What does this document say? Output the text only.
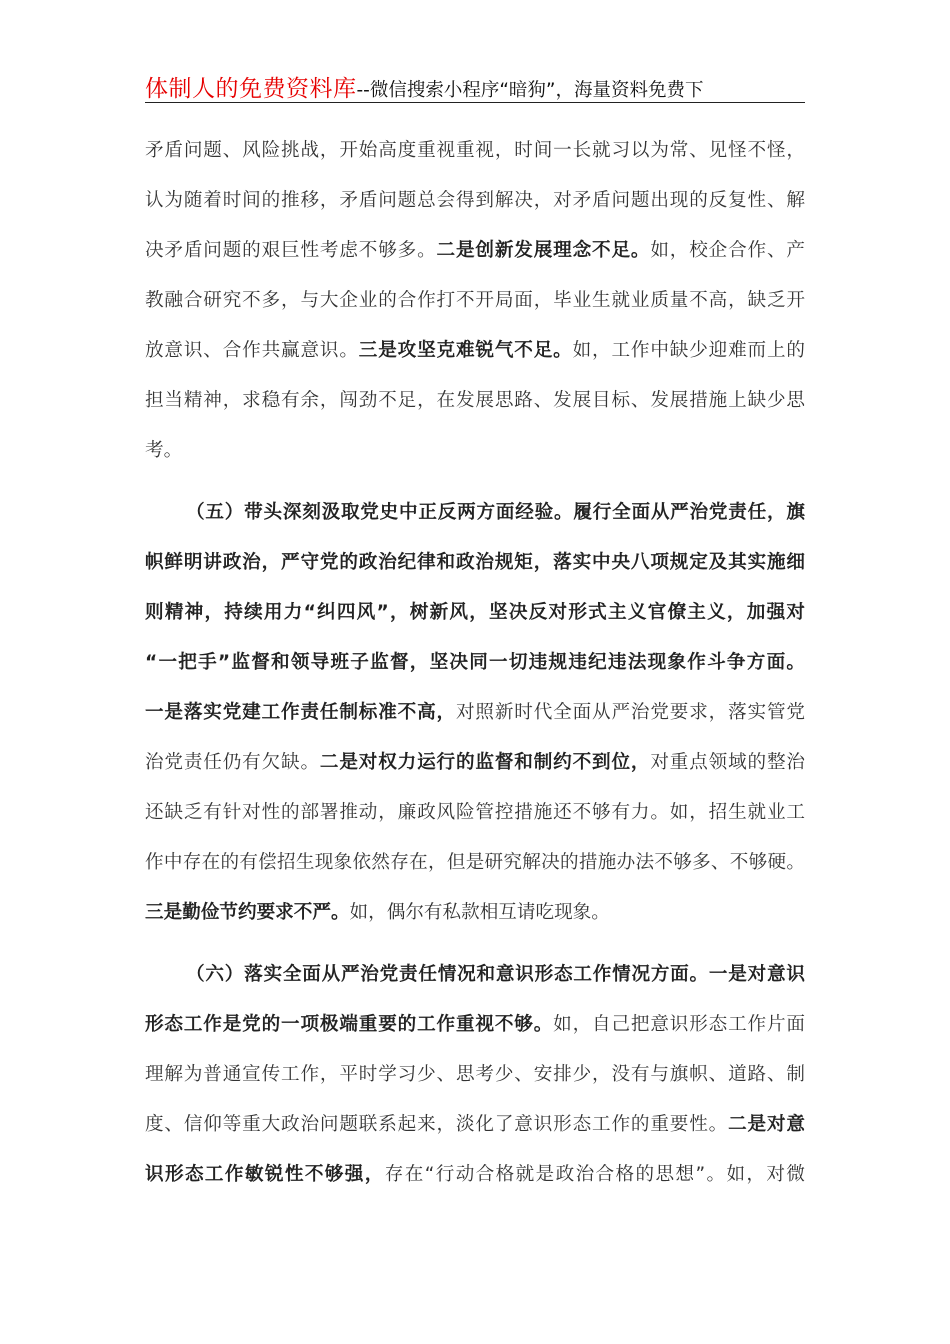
体制人的免费资料库--微信搜索小程序“暗狗”，海量资料免费下
矛盾问题、风险挑战，开始高度重视重视，时间一长就习以为常、见怪不怪，
认为随着时间的推移，矛盾问题总会得到解决，对矛盾问题出现的反复性、解
决矛盾问题的艰巨性考虑不够多。二是创新发展理念不足。如，校企合作、产
教融合研究不多，与大企业的合作打不开局面，毕业生就业质量不高，缺乏开
放意识、合作共赢意识。三是攻坚克难锐气不足。如，工作中缺少迎难而上的
担当精神，求稳有余，闯劲不足，在发展思路、发展目标、发展措施上缺少思
考。
（五）带头深刻汲取党史中正反两方面经验。履行全面从严治党责任，旗
帜鲜明讲政治，严守党的政治纪律和政治规矩，落实中央八项规定及其实施细
则精神，持续用力“纠四风”，树新风，坚决反对形式主义官僚主义，加强对
“一把手”监督和领导班子监督，坚决同一切违规违纪违法现象作斗争方面。
一是落实党建工作责任制标准不高，对照新时代全面从严治党要求，落实管党
治党责任仍有欠缺。二是对权力运行的监督和制约不到位，对重点领域的整治
还缺乏有针对性的部署推动，廉政风险管控措施还不够有力。如，招生就业工
作中存在的有偿招生现象依然存在，但是研究解决的措施办法不够多、不够硬。
三是勤俭节约要求不严。如，偶尔有私款相互请吃现象。
（六）落实全面从严治党责任情况和意识形态工作情况方面。一是对意识
形态工作是党的一项极端重要的工作重视不够。如，自己把意识形态工作片面
理解为普通宣传工作，平时学习少、思考少、安排少，没有与旗帜、道路、制
度、信仰等重大政治问题联系起来，淡化了意识形态工作的重要性。二是对意
识形态工作敏锐性不够强，存在“行动合格就是政治合格的思想”。如，对微
